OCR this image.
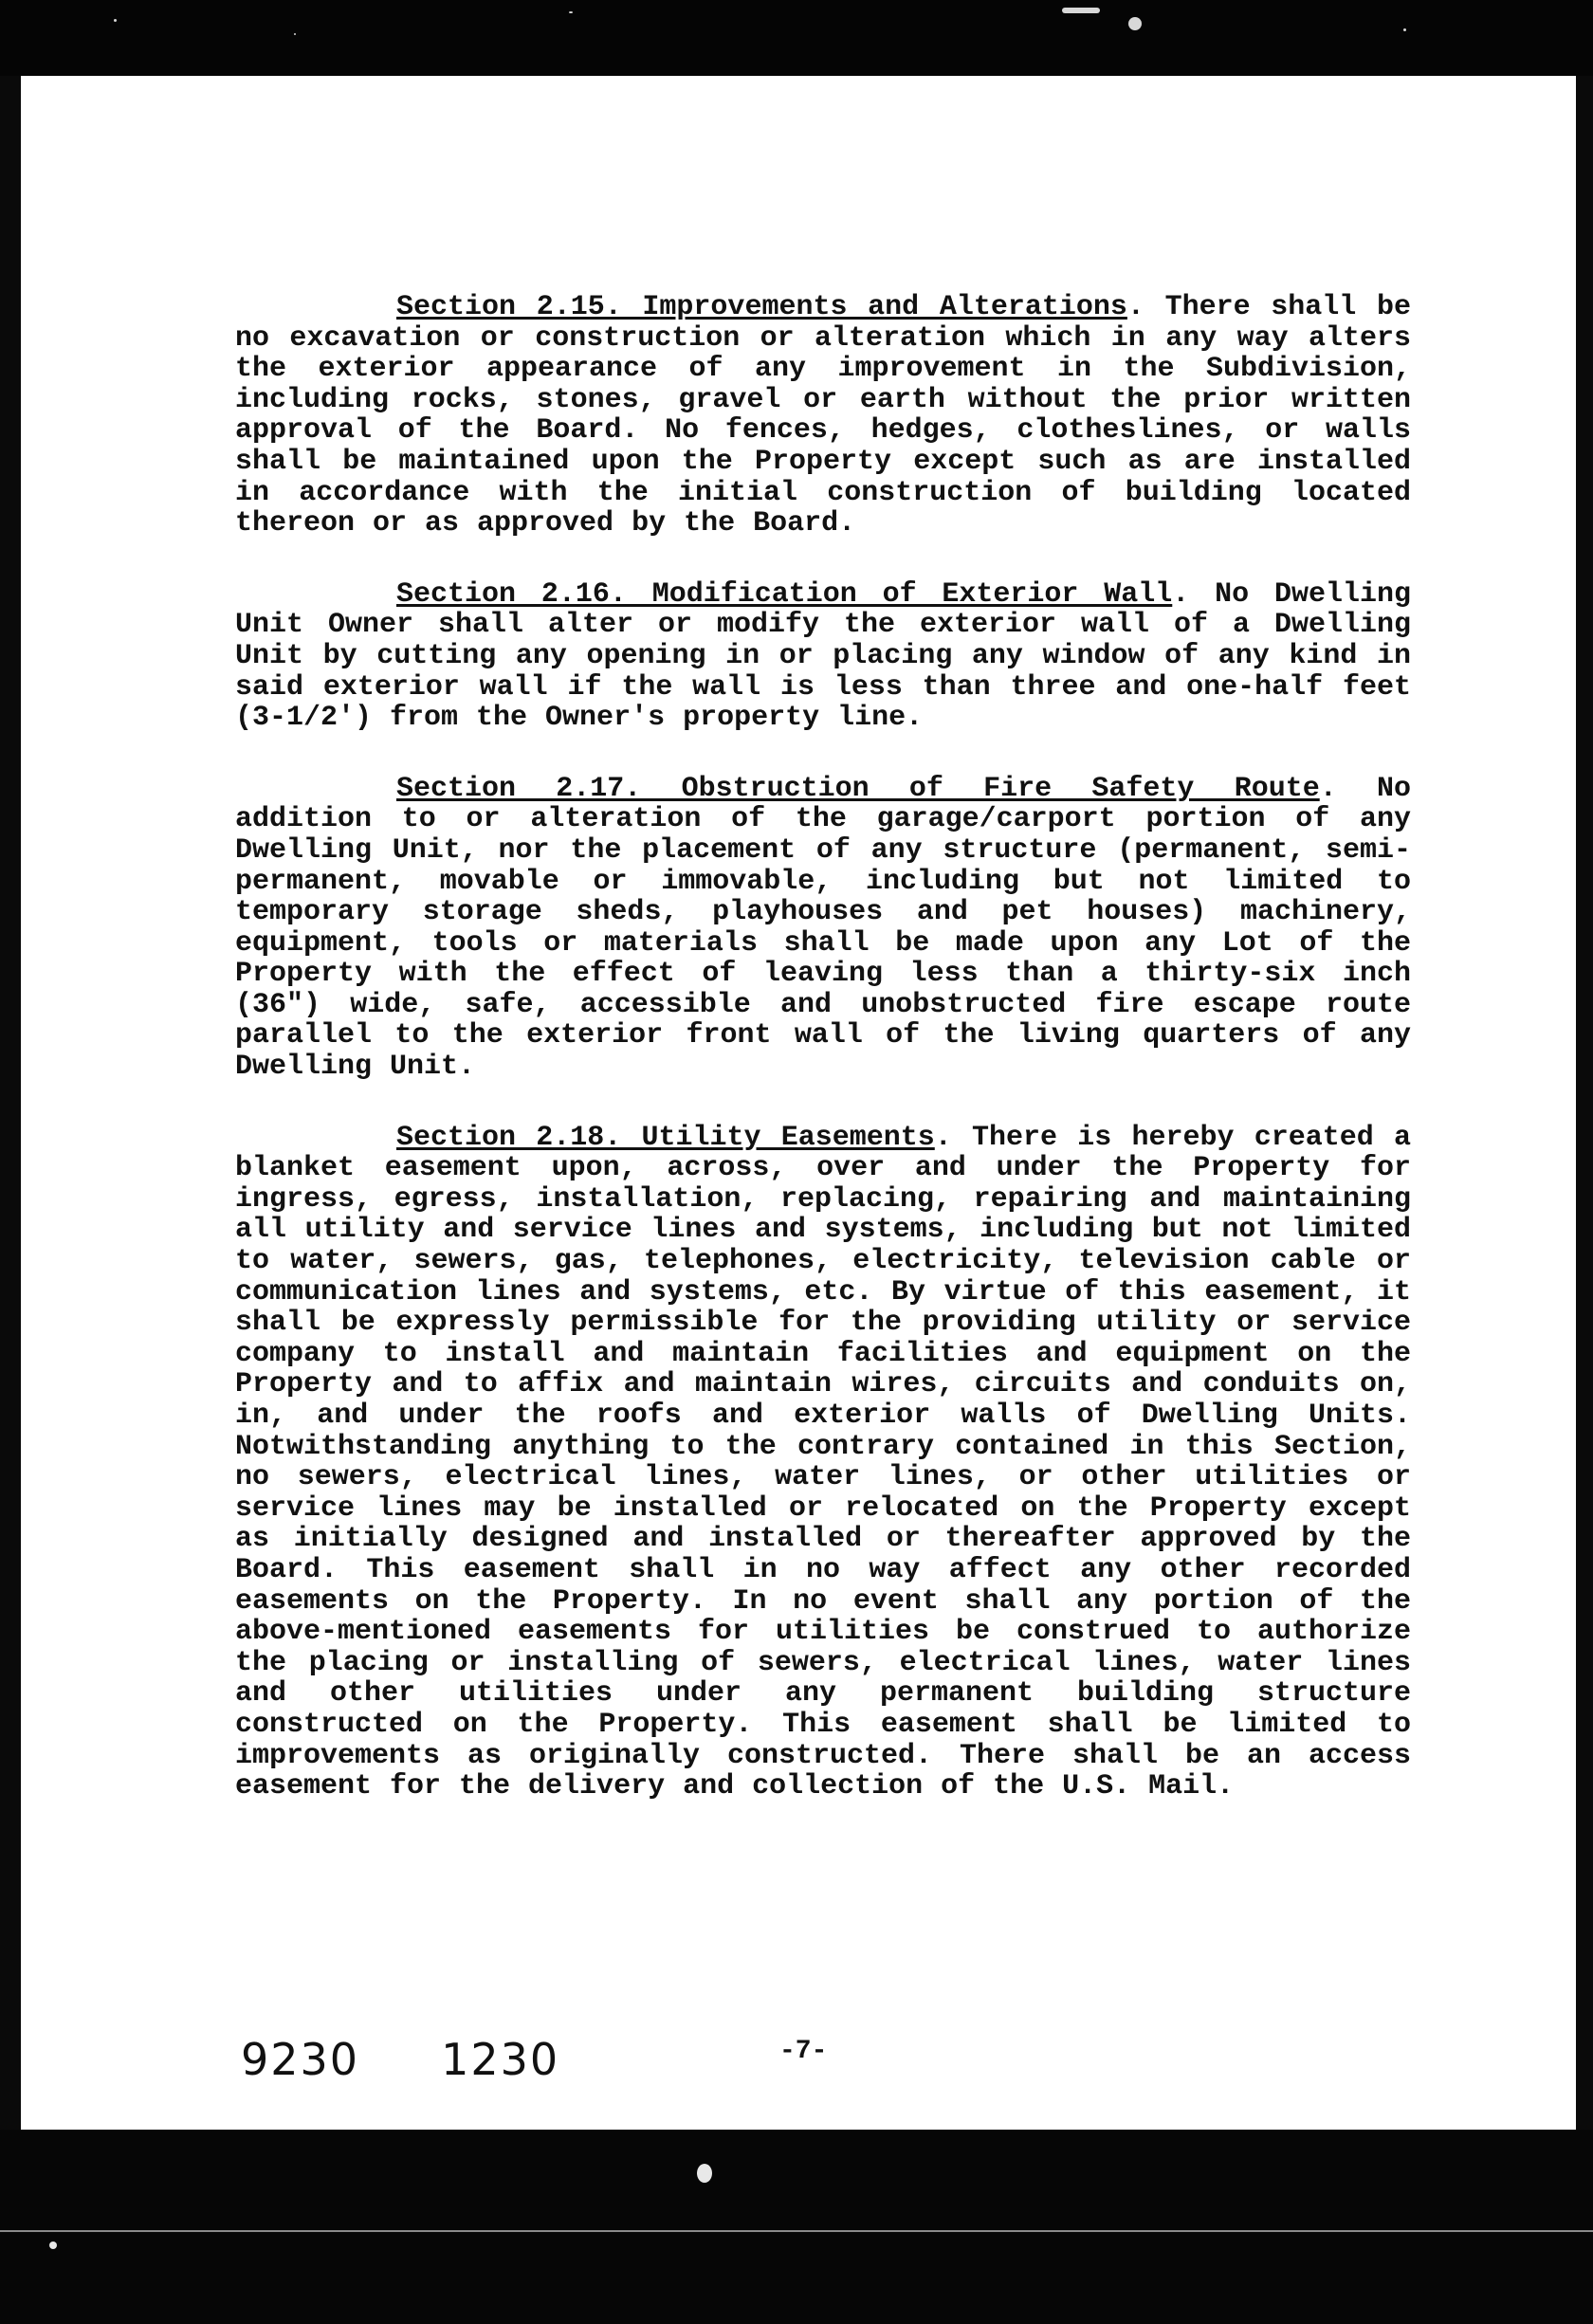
Section 2.15. Improvements and Alterations. There shall be no excavation or construction or alteration which in any way alters the exterior appearance of any improvement in the Subdivision, including rocks, stones, gravel or earth without the prior written approval of the Board. No fences, hedges, clotheslines, or walls shall be maintained upon the Property except such as are installed in accordance with the initial construction of building located thereon or as approved by the Board.

Section 2.16. Modification of Exterior Wall. No Dwelling Unit Owner shall alter or modify the exterior wall of a Dwelling Unit by cutting any opening in or placing any window of any kind in said exterior wall if the wall is less than three and one-half feet (3-1/2') from the Owner's property line.

Section 2.17. Obstruction of Fire Safety Route. No addition to or alteration of the garage/carport portion of any Dwelling Unit, nor the placement of any structure (permanent, semi-permanent, movable or immovable, including but not limited to temporary storage sheds, playhouses and pet houses) machinery, equipment, tools or materials shall be made upon any Lot of the Property with the effect of leaving less than a thirty-six inch (36") wide, safe, accessible and unobstructed fire escape route parallel to the exterior front wall of the living quarters of any Dwelling Unit.

Section 2.18. Utility Easements. There is hereby created a blanket easement upon, across, over and under the Property for ingress, egress, installation, replacing, repairing and maintaining all utility and service lines and systems, including but not limited to water, sewers, gas, telephones, electricity, television cable or communication lines and systems, etc. By virtue of this easement, it shall be expressly permissible for the providing utility or service company to install and maintain facilities and equipment on the Property and to affix and maintain wires, circuits and conduits on, in, and under the roofs and exterior walls of Dwelling Units. Notwithstanding anything to the contrary contained in this Section, no sewers, electrical lines, water lines, or other utilities or service lines may be installed or relocated on the Property except as initially designed and installed or thereafter approved by the Board. This easement shall in no way affect any other recorded easements on the Property. In no event shall any portion of the above-mentioned easements for utilities be construed to authorize the placing or installing of sewers, electrical lines, water lines and other utilities under any permanent building structure constructed on the Property. This easement shall be limited to improvements as originally constructed. There shall be an access easement for the delivery and collection of the U.S. Mail.

9230 1230	-7-
